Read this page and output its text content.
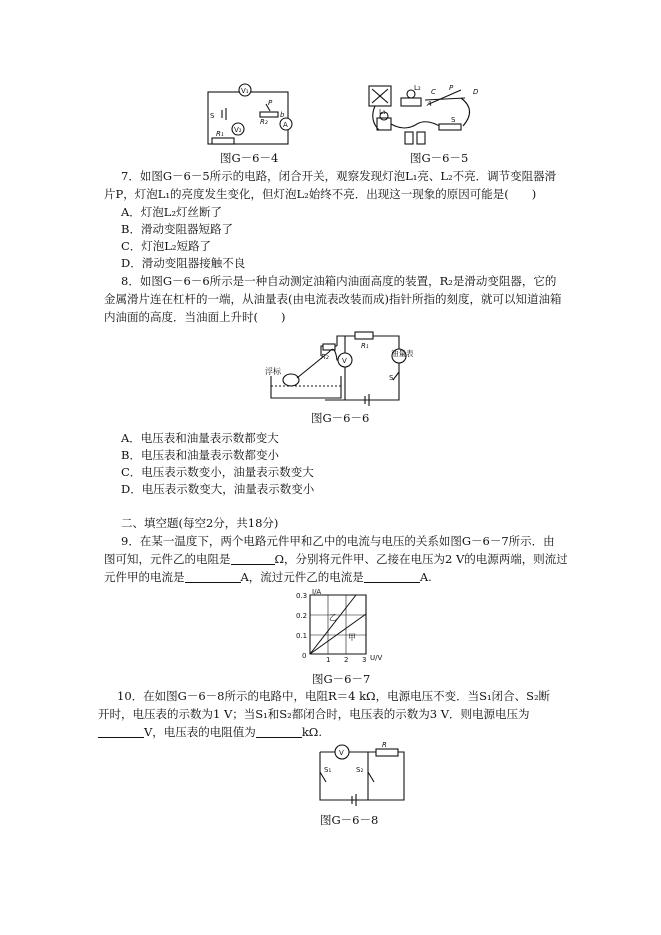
V₁
V₂
A
P
R₂
R₁
S	b
图G－6－4
L₁
L₂ C P	D
S
A
图G－6－5
7．如图G－6－5所示的电路，闭合开关，观察发现灯泡L₁亮、L₂不亮．调节变阻器滑
片P，灯泡L₁的亮度发生变化，但灯泡L₂始终不亮．出现这一现象的原因可能是(　　)
A．灯泡L₂灯丝断了
B．滑动变阻器短路了
C．灯泡L₂短路了
D．滑动变阻器接触不良
8．如图G－6－6所示是一种自动测定油箱内油面高度的装置，R₂是滑动变阻器，它的
金属滑片连在杠杆的一端，从油量表(由电流表改装而成)指针所指的刻度，就可以知道油箱
内油面的高度．当油面上升时(　　)
浮标
R₁
R₂ V
油量表
S
图G－6－6
A．电压表和油量表示数都变大
B．电压表和油量表示数都变小
C．电压表示数变小，油量表示数变大
D．电压表示数变大，油量表示数变小
二、填空题(每空2分，共18分)
9．在某一温度下，两个电路元件甲和乙中的电流与电压的关系如图G－6－7所示．由
图可知，元件乙的电阻是	Ω，分别将元件甲、乙接在电压为2 V的电源两端，则流过
元件甲的电流是	A，流过元件乙的电流是	A.
I/A
U/V
0.3
0.2
0.1
0	1 2 3
乙
甲
图G－6－7
10．在如图G－6－8所示的电路中，电阻R＝4 kΩ，电源电压不变．当S₁闭合、S₂断
开时，电压表的示数为1 V；当S₁和S₂都闭合时，电压表的示数为3 V．则电源电压为
V，电压表的电阻值为	kΩ.
V
R
S₁	S₂
图G－6－8
